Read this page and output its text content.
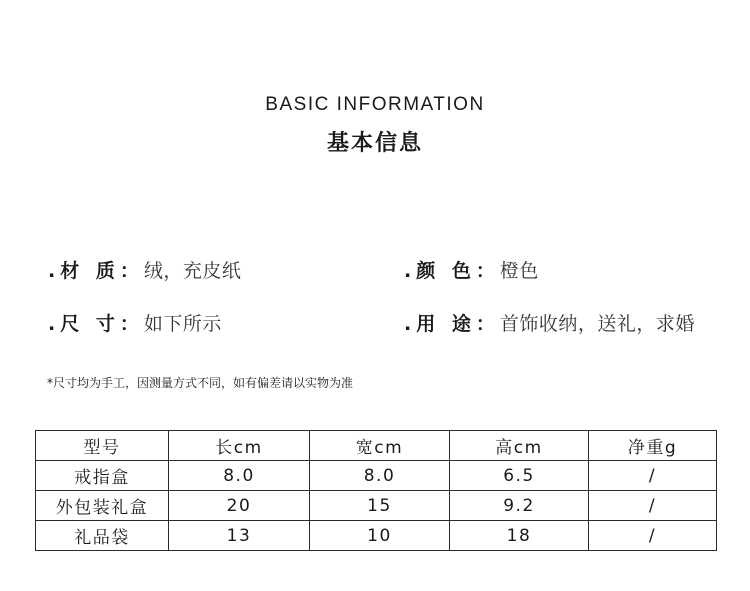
BASIC INFORMATION
基本信息
.材 质：绒，充皮纸	.颜 色：橙色
.尺 寸：如下所示	.用 途：首饰收纳，送礼，求婚
*尺寸均为手工，因测量方式不同，如有偏差请以实物为准
型号	长cm	宽cm	高cm	净重g
戒指盒	8.0	8.0	6.5	/
外包装礼盒	20	15	9.2	/
礼品袋	13	10	18	/
